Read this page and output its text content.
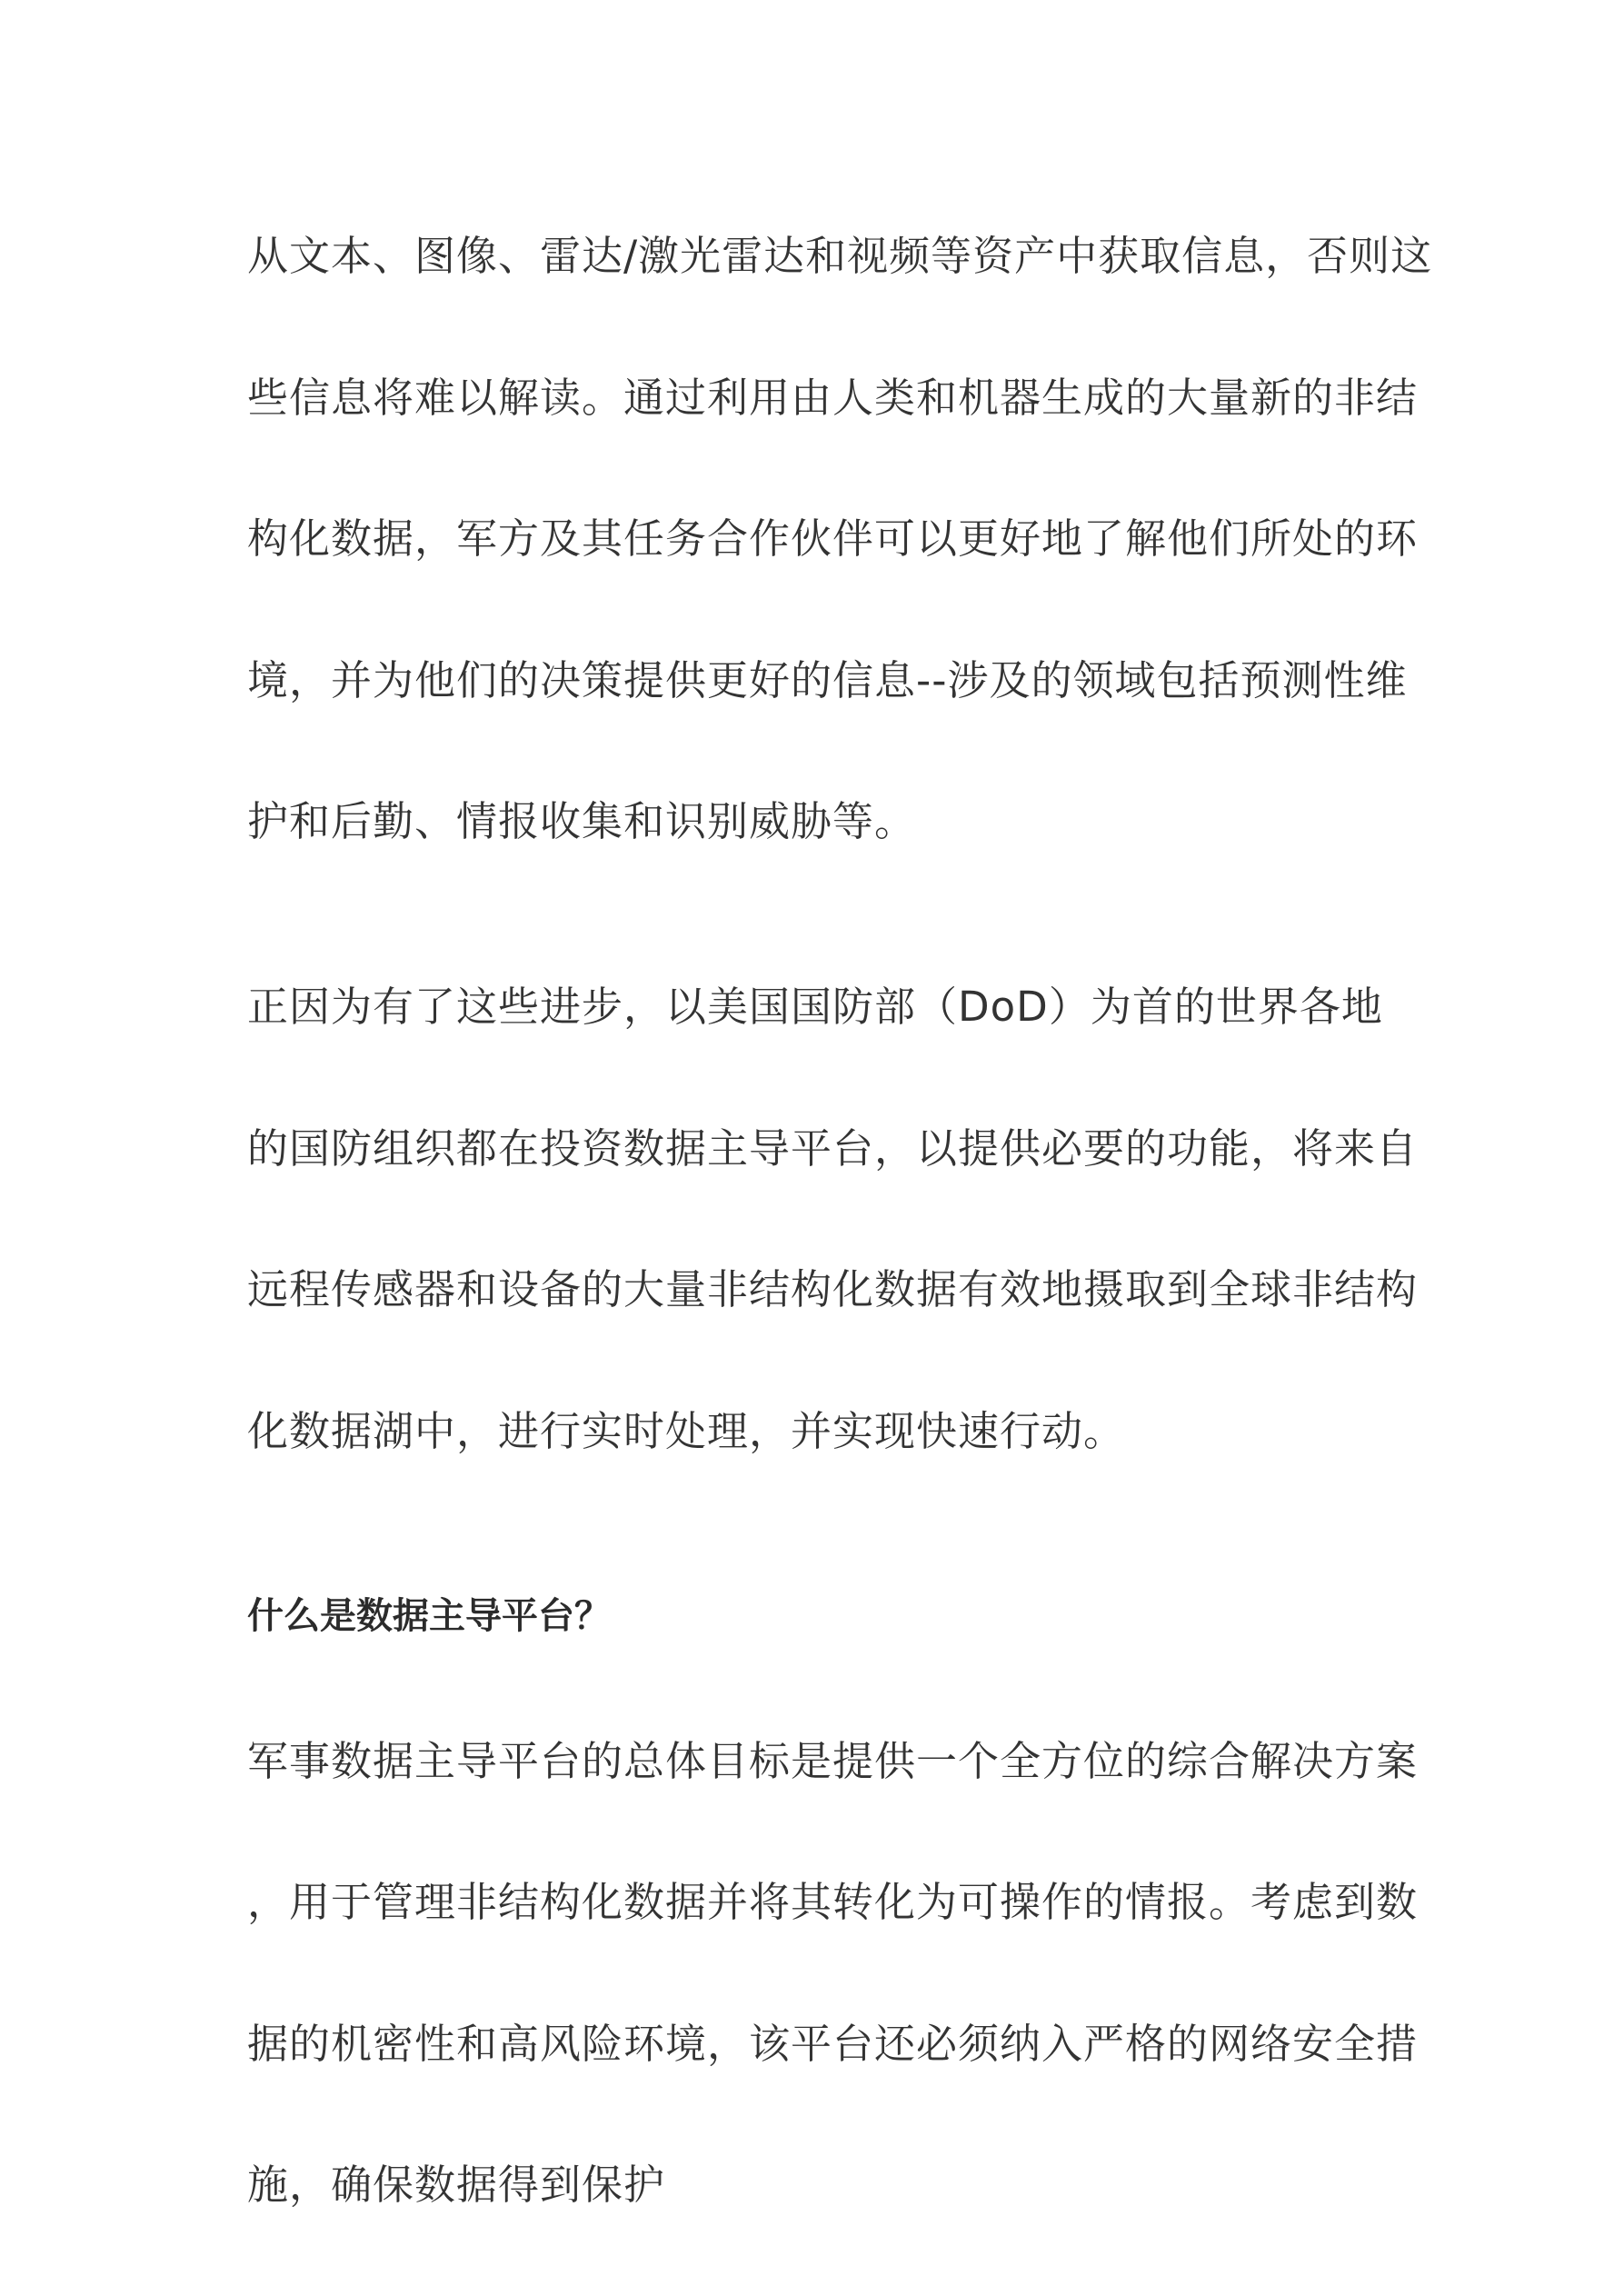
从文本、图像、雷达/激光雷达和视频等资产中获取信息，否则这
些信息将难以解读。通过利用由人类和机器生成的大量新的非结
构化数据，军方及其任务合作伙伴可以更好地了解他们所处的环
境，并为他们的决策提供更好的信息--涉及的领域包括预测性维
护和后勤、情报收集和识别威胁等。
正因为有了这些进步，以美国国防部（DoD）为首的世界各地
的国防组织都在投资数据主导平台，以提供必要的功能，将来自
远程传感器和设备的大量非结构化数据有效地摄取到全球非结构
化数据湖中，进行实时处理，并实现快速行动。
什么是数据主导平台？
军事数据主导平台的总体目标是提供一个全方位的综合解决方案
，用于管理非结构化数据并将其转化为可操作的情报。考虑到数
据的机密性和高风险环境，该平台还必须纳入严格的网络安全措
施，确保数据得到保护
